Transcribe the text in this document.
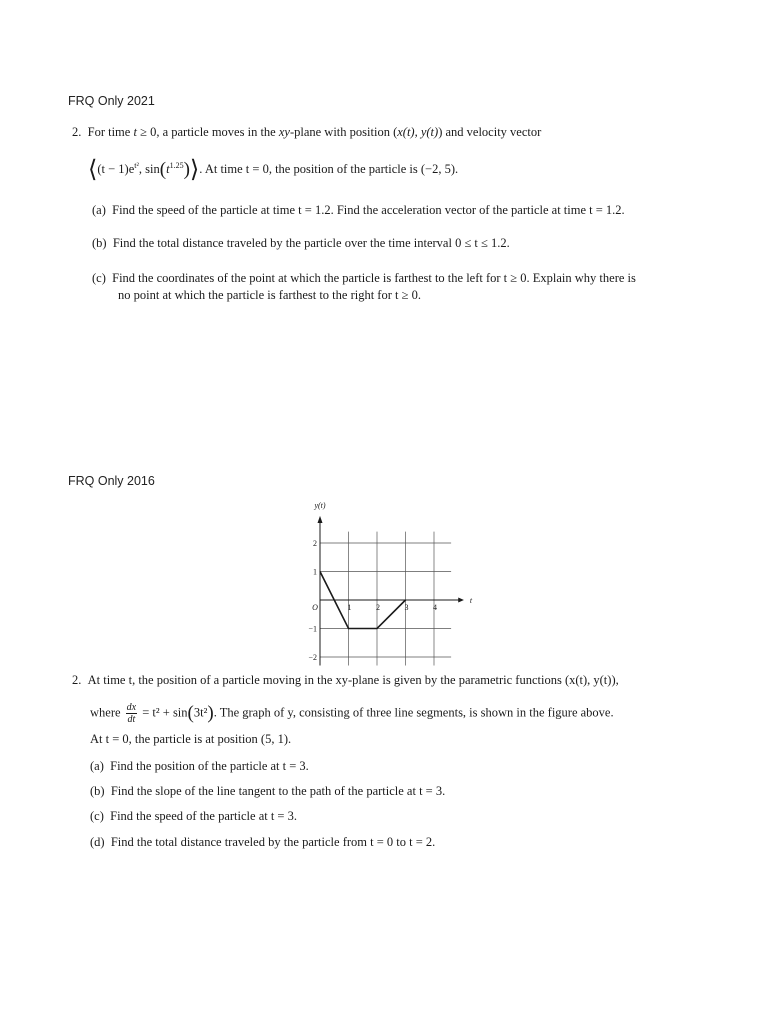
FRQ Only 2021
2. For time t ≥ 0, a particle moves in the xy-plane with position (x(t), y(t)) and velocity vector
⟨(t − $1)e^{t^2}$, $\sin(t^{1.25})⟩$. At time t = 0, the position of the particle is (−2, 5).
(a) Find the speed of the particle at time t = 1.2. Find the acceleration vector of the particle at time t = 1.2.
(b) Find the total distance traveled by the particle over the time interval 0 ≤ t ≤ 1.2.
(c) Find the coordinates of the point at which the particle is farthest to the left for t ≥ 0. Explain why there is
no point at which the particle is farthest to the right for t ≥ 0.
FRQ Only 2016
y(t)
t
O	1	2	3	4
2
1
−1
−2
2. At time t, the position of a particle moving in the xy-plane is given by the parametric functions (x(t), y(t)),
where $\frac{dx}{dt} = t^2 + \sin(3t^2)$. The graph of y, consisting of three line segments, is shown in the figure above.
At t = 0, the particle is at position (5, 1).
(a) Find the position of the particle at t = 3.
(b) Find the slope of the line tangent to the path of the particle at t = 3.
(c) Find the speed of the particle at t = 3.
(d) Find the total distance traveled by the particle from t = 0 to t = 2.
